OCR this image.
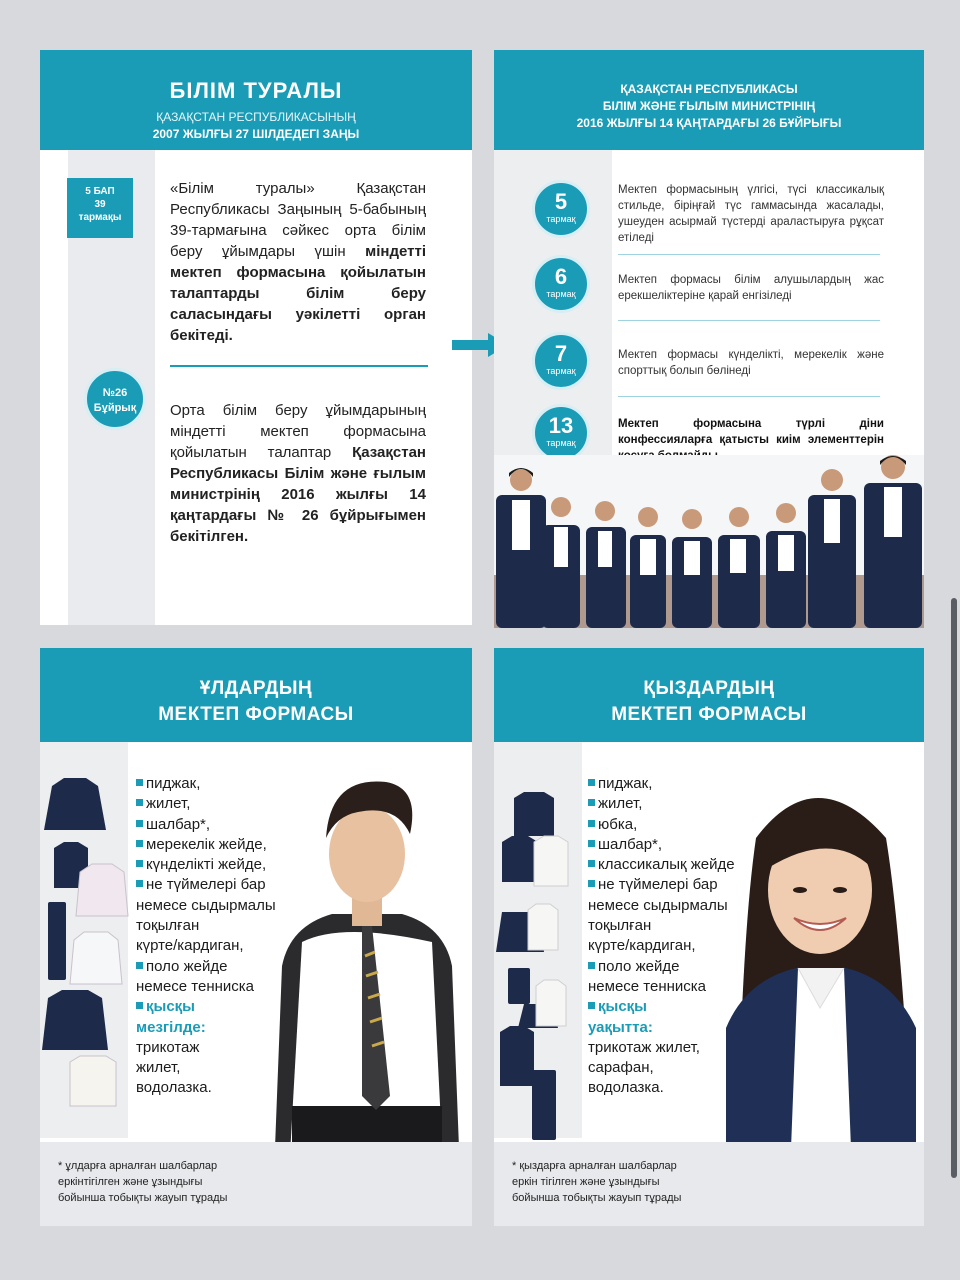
БІЛІМ ТУРАЛЫ
ҚАЗАҚСТАН РЕСПУБЛИКАСЫНЫҢ
2007 ЖЫЛҒЫ 27 ШІЛДЕДЕГІ ЗАҢЫ
5 БАП
39
тармақы
«Білім туралы» Қазақстан Республикасы Заңының 5-бабының 39-тармағына сәйкес орта білім беру ұйымдары үшін міндетті мектеп формасына қойылатын талаптарды білім беру саласындағы уәкілетті орган бекітеді.
№26
Бұйрық	Орта білім беру ұйымдарының міндетті мектеп формасына қойылатын талаптар Қазақстан Республикасы Білім және ғылым министрінің 2016 жылғы 14 қаңтардағы № 26 бұйрығымен бекітілген.
ҚАЗАҚСТАН РЕСПУБЛИКАСЫ
БІЛІМ ЖӘНЕ ҒЫЛЫМ МИНИСТРІНІҢ
2016 ЖЫЛҒЫ 14 ҚАҢТАРДАҒЫ 26 БҰЙРЫҒЫ
5
тармақ
Мектеп формасының үлгісі, түсі классикалық стильде, біріңғай түс гаммасында жасалады, ушеуден асырмай түстерді араластыруға рұқсат етіледі
6
тармақ
Мектеп формасы білім алушылардың жас ерекшеліктеріне қарай енгізіледі
7
тармақ
Мектеп формасы күнделікті, мерекелік және спорттық болып бөлінеді
13
тармақ
Мектеп формасына түрлі діни конфессияларға қатысты киім элементтерін
ҰЛДАРДЫҢ
МЕКТЕП ФОРМАСЫ
пиджак,
жилет,
шалбар*,
мерекелік жейде,
күнделікті жейде,
не түймелері бар
немесе сыдырмалы
тоқылған
күрте/кардиган,
поло жейде
немесе тенниска
қысқы
мезгілде:
трикотаж
жилет,
водолазка.
* ұлдарға арналған шалбарлар
еркінтігілген және ұзындығы
бойынша тобықты жауып тұрады
ҚЫЗДАРДЫҢ
МЕКТЕП ФОРМАСЫ
пиджак,
жилет,
юбка,
шалбар*,
классикалық жейде
не түймелері бар
немесе сыдырмалы
тоқылған
күрте/кардиган,
поло жейде
немесе тенниска
қысқы
уақытта:
трикотаж жилет,
сарафан,
водолазка.
* қыздарға арналған шалбарлар
еркін тігілген және ұзындығы
бойынша тобықты жауып тұрады
